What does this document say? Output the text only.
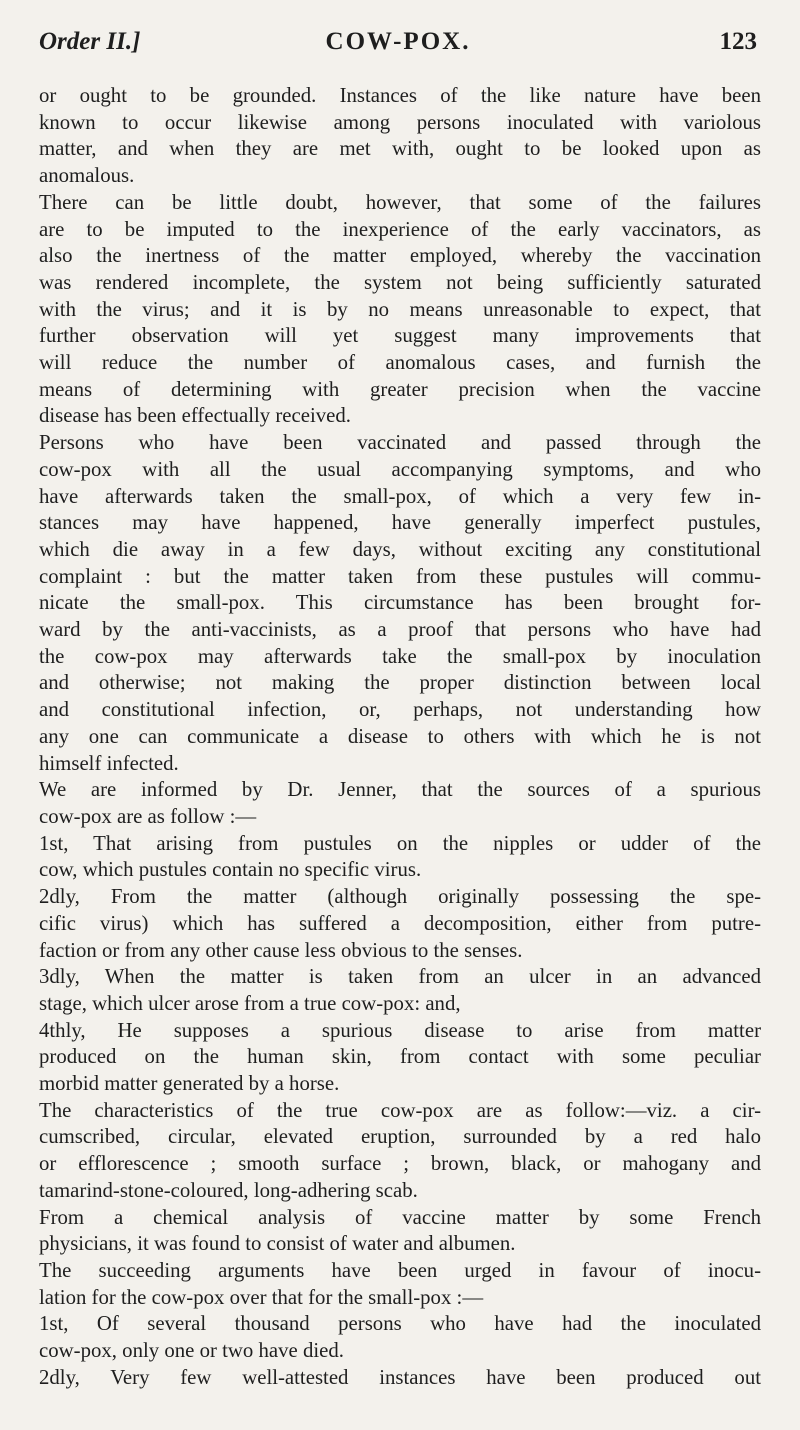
Order II.]	COW-POX.	123
or ought to be grounded. Instances of the like nature have been
known to occur likewise among persons inoculated with variolous
matter, and when they are met with, ought to be looked upon as
anomalous.
There can be little doubt, however, that some of the failures
are to be imputed to the inexperience of the early vaccinators, as
also the inertness of the matter employed, whereby the vaccination
was rendered incomplete, the system not being sufficiently saturated
with the virus; and it is by no means unreasonable to expect, that
further observation will yet suggest many improvements that
will reduce the number of anomalous cases, and furnish the
means of determining with greater precision when the vaccine
disease has been effectually received.
Persons who have been vaccinated and passed through the
cow-pox with all the usual accompanying symptoms, and who
have afterwards taken the small-pox, of which a very few in-
stances may have happened, have generally imperfect pustules,
which die away in a few days, without exciting any constitutional
complaint : but the matter taken from these pustules will commu-
nicate the small-pox. This circumstance has been brought for-
ward by the anti-vaccinists, as a proof that persons who have had
the cow-pox may afterwards take the small-pox by inoculation
and otherwise; not making the proper distinction between local
and constitutional infection, or, perhaps, not understanding how
any one can communicate a disease to others with which he is not
himself infected.
We are informed by Dr. Jenner, that the sources of a spurious
cow-pox are as follow :—
1st, That arising from pustules on the nipples or udder of the
cow, which pustules contain no specific virus.
2dly, From the matter (although originally possessing the spe-
cific virus) which has suffered a decomposition, either from putre-
faction or from any other cause less obvious to the senses.
3dly, When the matter is taken from an ulcer in an advanced
stage, which ulcer arose from a true cow-pox: and,
4thly, He supposes a spurious disease to arise from matter
produced on the human skin, from contact with some peculiar
morbid matter generated by a horse.
The characteristics of the true cow-pox are as follow:—viz. a cir-
cumscribed, circular, elevated eruption, surrounded by a red halo
or efflorescence ; smooth surface ; brown, black, or mahogany and
tamarind-stone-coloured, long-adhering scab.
From a chemical analysis of vaccine matter by some French
physicians, it was found to consist of water and albumen.
The succeeding arguments have been urged in favour of inocu-
lation for the cow-pox over that for the small-pox :—
1st, Of several thousand persons who have had the inoculated
cow-pox, only one or two have died.
2dly, Very few well-attested instances have been produced out
